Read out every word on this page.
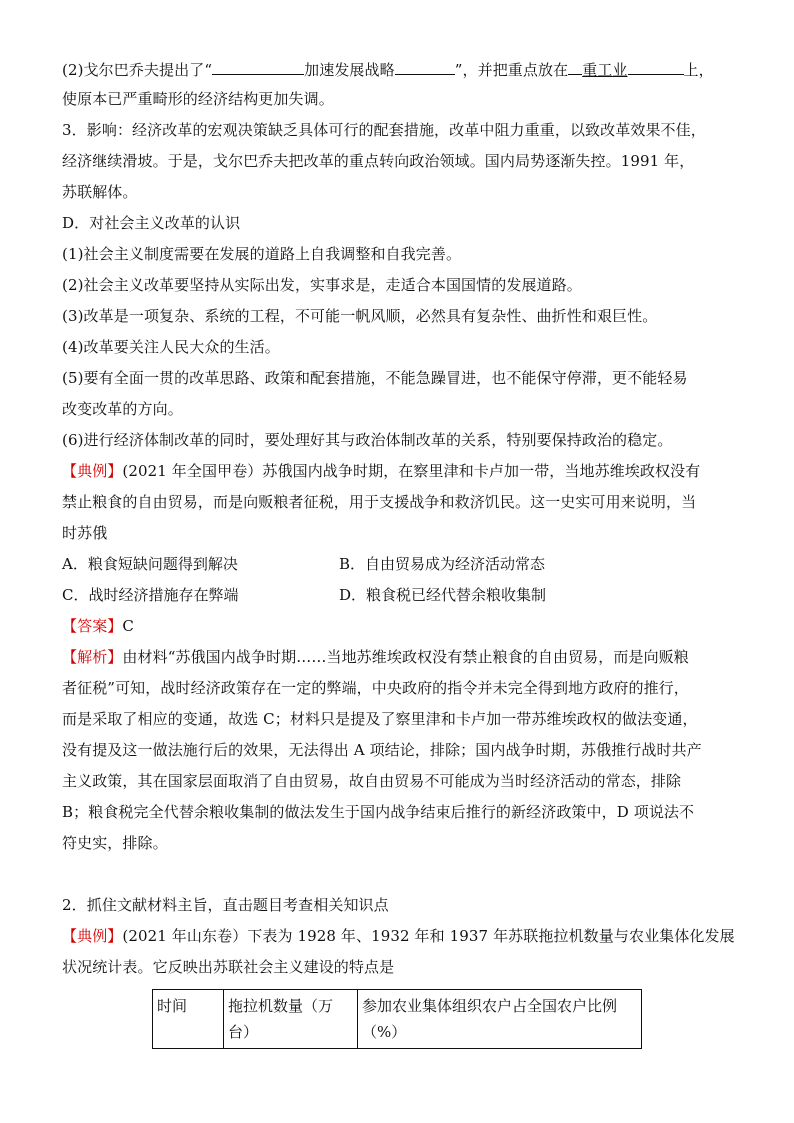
(2)戈尔巴乔夫提出了“	加速发展战略	”，并把重点放在 重工业	上，
使原本已严重畸形的经济结构更加失调。
3．影响：经济改革的宏观决策缺乏具体可行的配套措施，改革中阻力重重，以致改革效果不佳，
经济继续滑坡。于是，戈尔巴乔夫把改革的重点转向政治领域。国内局势逐渐失控。1991 年，
苏联解体。
D．对社会主义改革的认识
(1)社会主义制度需要在发展的道路上自我调整和自我完善。
(2)社会主义改革要坚持从实际出发，实事求是，走适合本国国情的发展道路。
(3)改革是一项复杂、系统的工程，不可能一帆风顺，必然具有复杂性、曲折性和艰巨性。
(4)改革要关注人民大众的生活。
(5)要有全面一贯的改革思路、政策和配套措施，不能急躁冒进，也不能保守停滞，更不能轻易
改变改革的方向。
(6)进行经济体制改革的同时，要处理好其与政治体制改革的关系，特别要保持政治的稳定。
【典例】(2021 年全国甲卷）苏俄国内战争时期，在察里津和卡卢加一带，当地苏维埃政权没有
禁止粮食的自由贸易，而是向贩粮者征税，用于支援战争和救济饥民。这一史实可用来说明，当
时苏俄
A．粮食短缺问题得到解决	B．自由贸易成为经济活动常态
C．战时经济措施存在弊端	D．粮食税已经代替余粮收集制
【答案】C
【解析】由材料“苏俄国内战争时期……当地苏维埃政权没有禁止粮食的自由贸易，而是向贩粮
者征税”可知，战时经济政策存在一定的弊端，中央政府的指令并未完全得到地方政府的推行，
而是采取了相应的变通，故选 C；材料只是提及了察里津和卡卢加一带苏维埃政权的做法变通，
没有提及这一做法施行后的效果，无法得出 A 项结论，排除；国内战争时期，苏俄推行战时共产
主义政策，其在国家层面取消了自由贸易，故自由贸易不可能成为当时经济活动的常态，排除
B；粮食税完全代替余粮收集制的做法发生于国内战争结束后推行的新经济政策中，D 项说法不
符史实，排除。
2．抓住文献材料主旨，直击题目考查相关知识点
【典例】(2021 年山东卷）下表为 1928 年、1932 年和 1937 年苏联拖拉机数量与农业集体化发展
状况统计表。它反映出苏联社会主义建设的特点是
时间	拖拉机数量（万台）	参加农业集体组织农户占全国农户比例（%）
